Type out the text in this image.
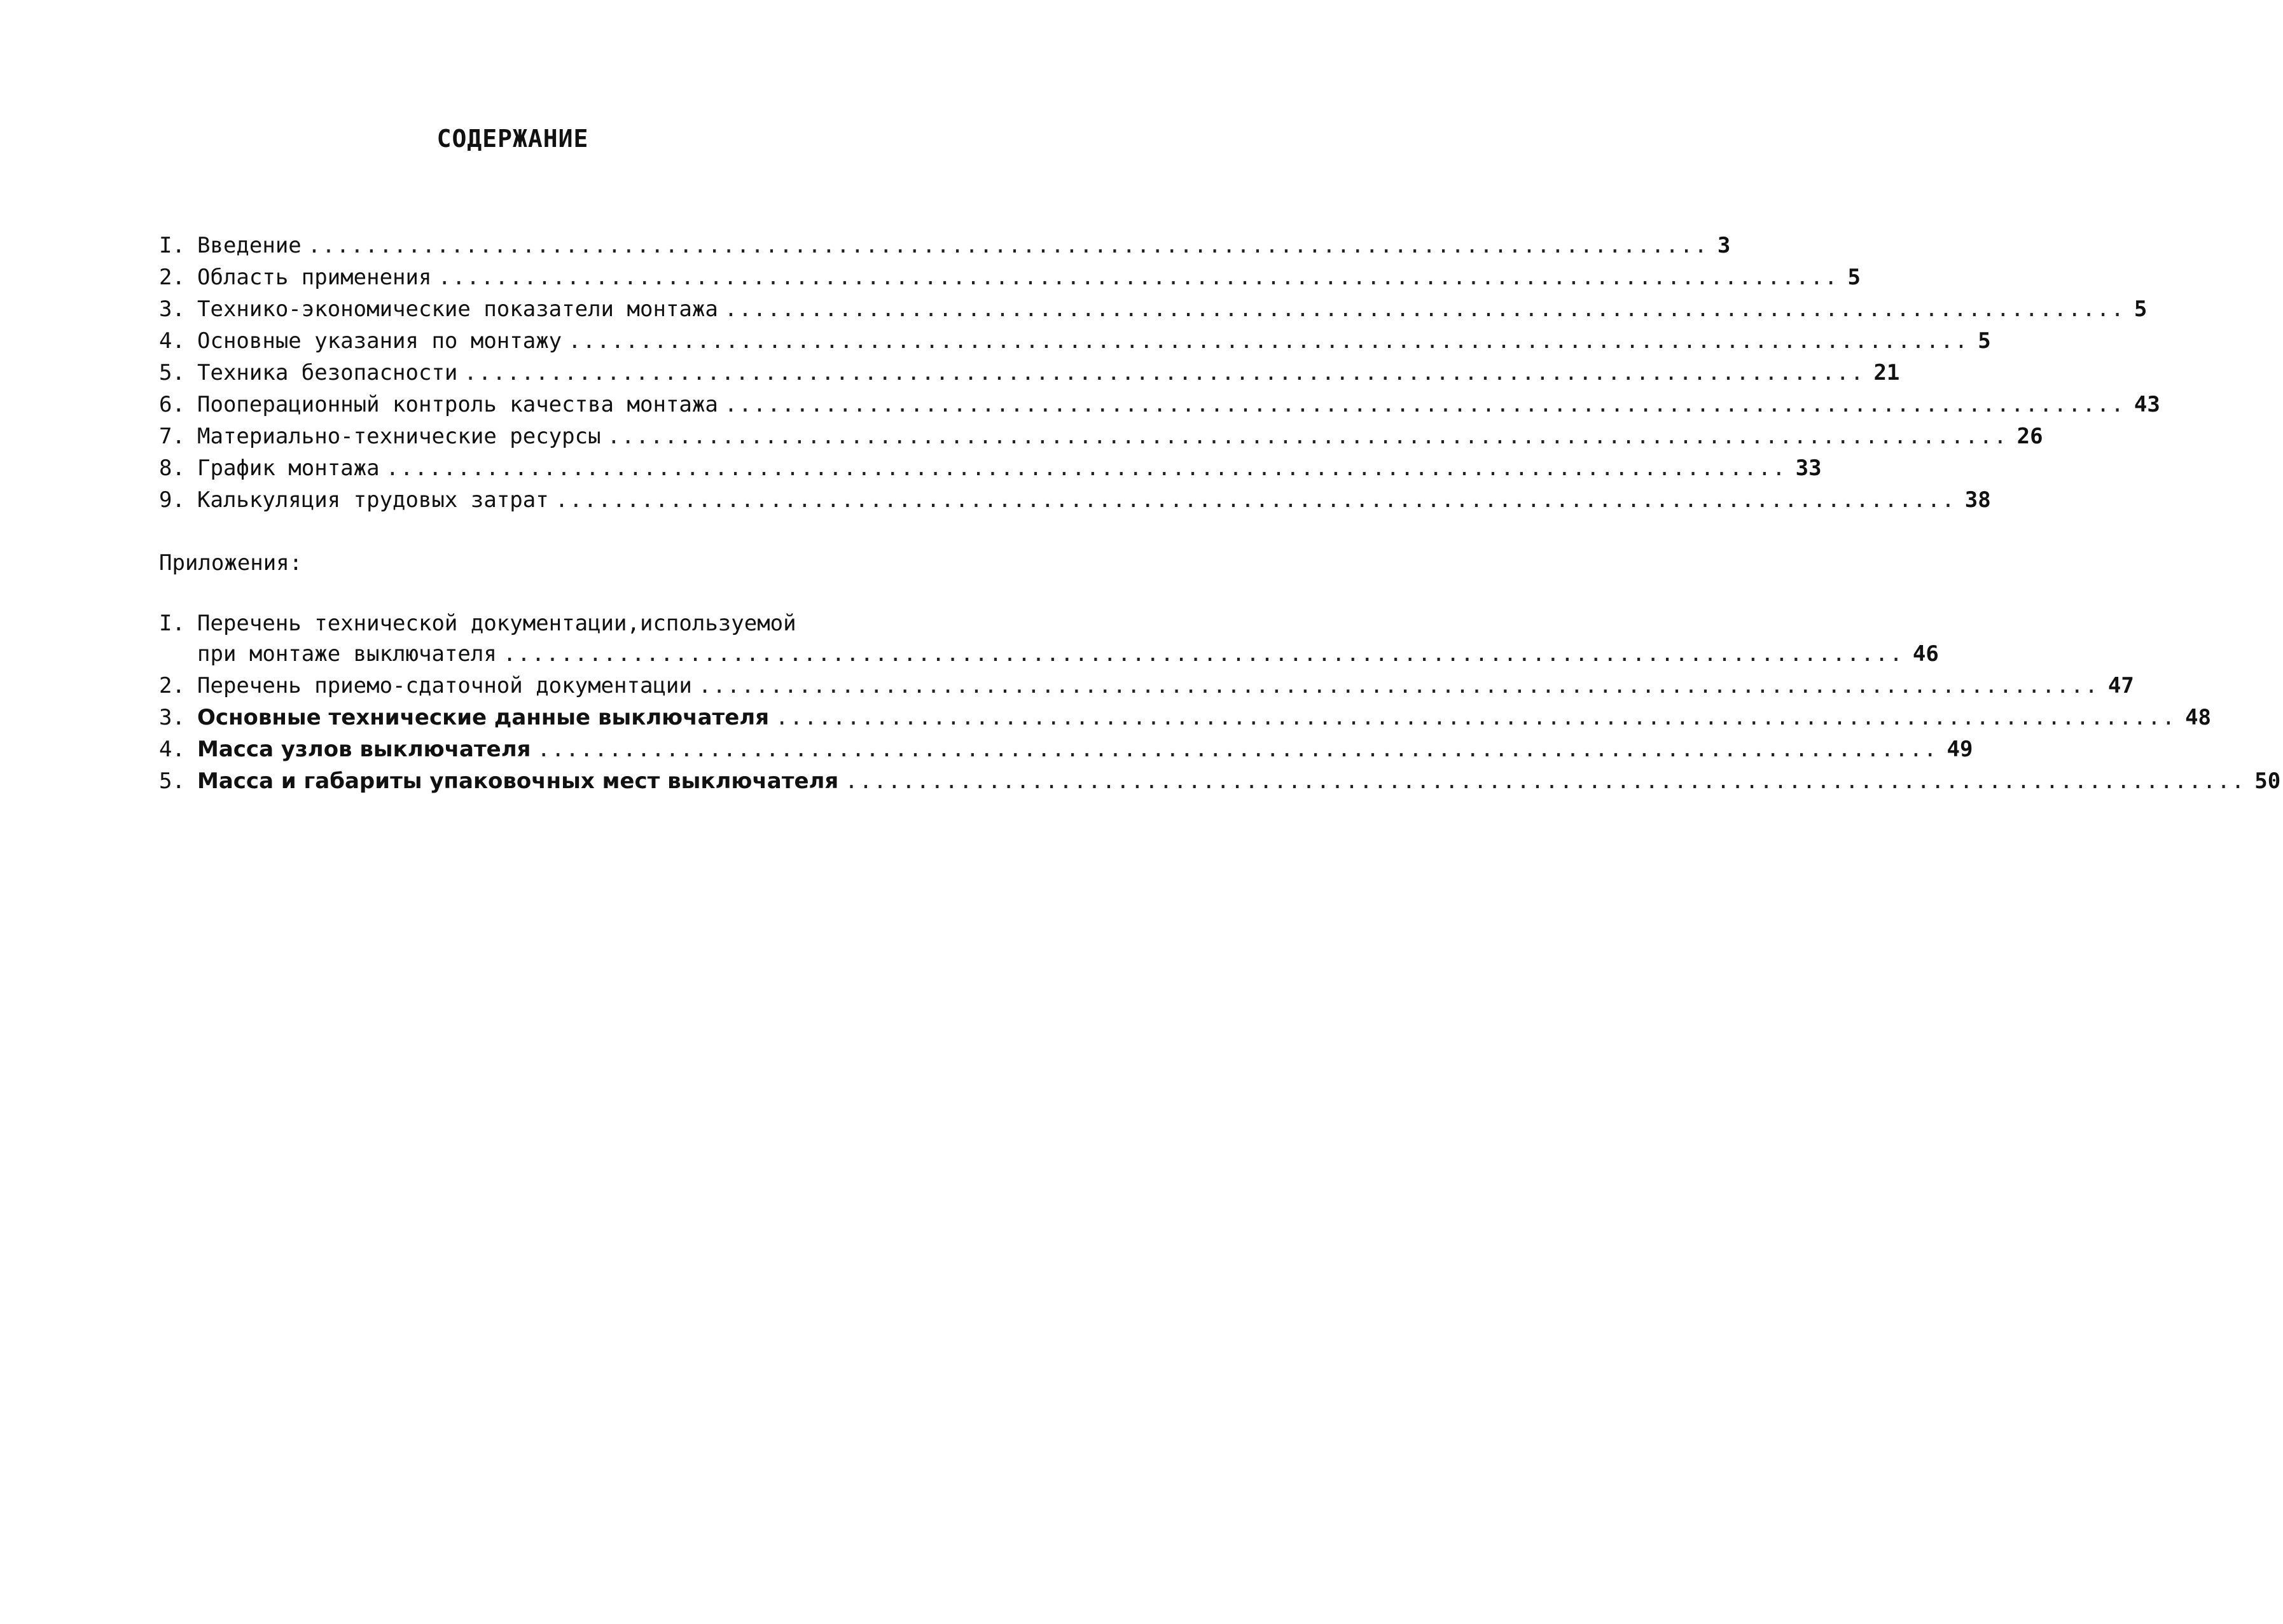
СОДЕРЖАНИЕ
I. Введение .................................................................................................. 3
2. Область применения .................................................................................................. 5
3. Технико-экономические показатели монтажа .................................................................................................. 5
4. Основные указания по монтажу .................................................................................................. 5
5. Техника безопасности .................................................................................................. 21
6. Пооперационный контроль качества монтажа .................................................................................................. 43
7. Материально-технические ресурсы .................................................................................................. 26
8. График монтажа .................................................................................................. 33
9. Калькуляция трудовых затрат .................................................................................................. 38
Приложения:
I. Перечень технической документации,используемой
при монтаже выключателя .................................................................................................. 46
2. Перечень приемо-сдаточной документации .................................................................................................. 47
3. Основные технические данные выключателя .................................................................................................. 48
4. Масса узлов выключателя .................................................................................................. 49
5. Масса и габариты упаковочных мест выключателя .................................................................................................. 50
